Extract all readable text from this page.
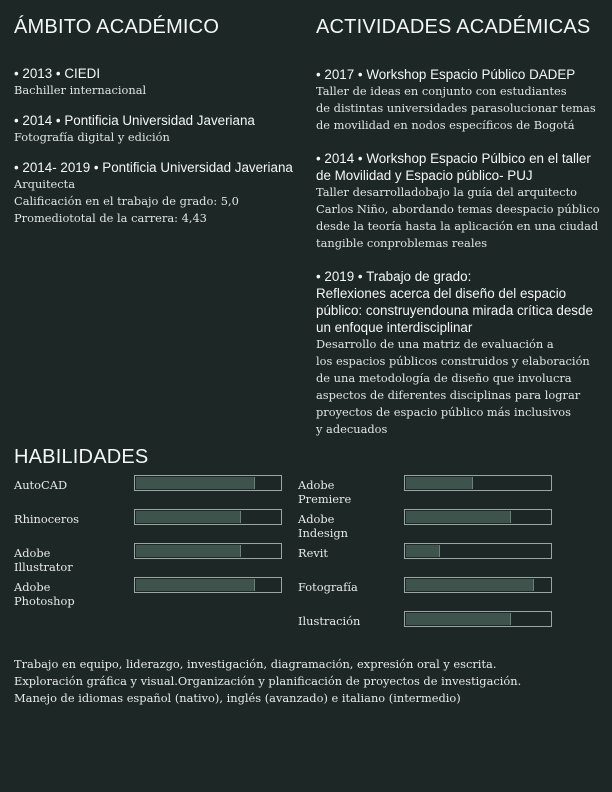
ÁMBITO ACADÉMICO
• 2013 • CIEDI
Bachiller internacional
• 2014 • Pontificia Universidad Javeriana
Fotografía digital y edición
• 2014- 2019 • Pontificia Universidad Javeriana
Arquitecta
Calificación en el trabajo de grado: 5,0
Promediototal de la carrera: 4,43
ACTIVIDADES ACADÉMICAS
• 2017 • Workshop Espacio Público DADEP
Taller de ideas en conjunto con estudiantes
de distintas universidades parasolucionar temas
de movilidad en nodos específicos de Bogotá
• 2014 • Workshop Espacio Púlbico en el taller de Movilidad y Espacio público- PUJ
Taller desarrolladobajo la guía del arquitecto
Carlos Niño, abordando temas deespacio público
desde la teoría hasta la aplicación en una ciudad
tangible conproblemas reales
• 2019 • Trabajo de grado:
Reflexiones acerca del diseño del espacio público: construyendouna mirada crítica desde un enfoque interdisciplinar
Desarrollo de una matriz de evaluación a
los espacios públicos construidos y elaboración
de una metodología de diseño que involucra
aspectos de diferentes disciplinas para lograr
proyectos de espacio público más inclusivos
y adecuados
HABILIDADES
AutoCAD
Rhinoceros
Adobe Illustrator
Adobe Photoshop
Adobe Premiere
Adobe Indesign
Revit
Fotografía
Ilustración
Trabajo en equipo, liderazgo, investigación, diagramación, expresión oral y escrita.
Exploración gráfica y visual.Organización y planificación de proyectos de investigación.
Manejo de idiomas español (nativo), inglés (avanzado) e italiano (intermedio)
